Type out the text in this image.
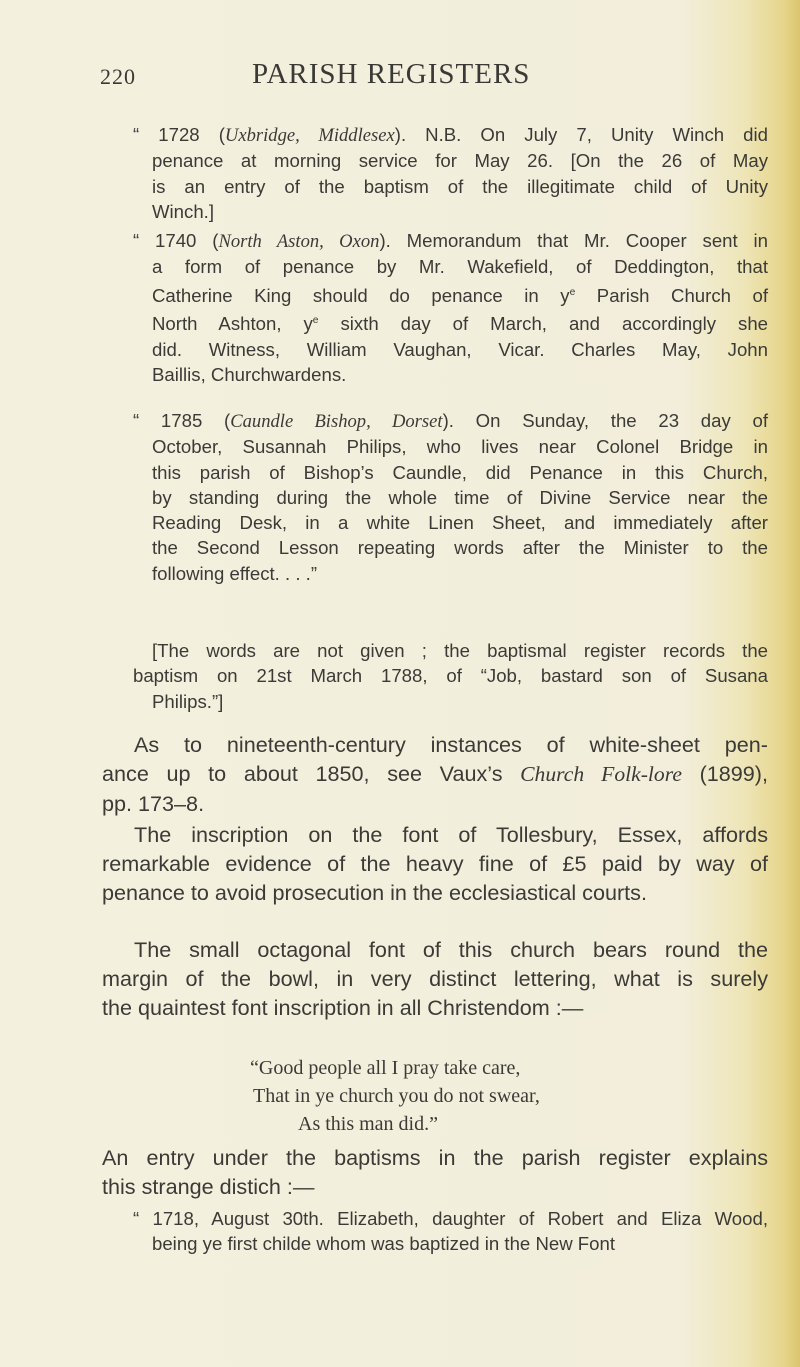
220	PARISH REGISTERS
“ 1728 (Uxbridge, Middlesex). N.B. On July 7, Unity Winch did
penance at morning service for May 26. [On the 26 of May
is an entry of the baptism of the illegitimate child of Unity
Winch.]
“ 1740 (North Aston, Oxon). Memorandum that Mr. Cooper sent in
a form of penance by Mr. Wakefield, of Deddington, that
Catherine King should do penance in $y^e$ Parish Church of
North Ashton, $y^e$ sixth day of March, and accordingly she
did. Witness, William Vaughan, Vicar. Charles May, John
Baillis, Churchwardens.
“ 1785 (Caundle Bishop, Dorset). On Sunday, the 23 day of
October, Susannah Philips, who lives near Colonel Bridge in
this parish of Bishop’s Caundle, did Penance in this Church,
by standing during the whole time of Divine Service near the
Reading Desk, in a white Linen Sheet, and immediately after
the Second Lesson repeating words after the Minister to the
following effect. . . .”
[The words are not given ; the baptismal register records the
baptism on 21st March 1788, of “Job, bastard son of Susana
Philips.”]
As to nineteenth-century instances of white-sheet pen-
ance up to about 1850, see Vaux’s Church Folk-lore (1899),
pp. 173–8.
The inscription on the font of Tollesbury, Essex, affords
remarkable evidence of the heavy fine of £5 paid by way of
penance to avoid prosecution in the ecclesiastical courts.
The small octagonal font of this church bears round the
margin of the bowl, in very distinct lettering, what is surely
the quaintest font inscription in all Christendom :—
“Good people all I pray take care,
That in ye church you do not swear,
As this man did.”
An entry under the baptisms in the parish register explains
this strange distich :—
“ 1718, August 30th. Elizabeth, daughter of Robert and Eliza Wood,
being ye first childe whom was baptized in the New Font
